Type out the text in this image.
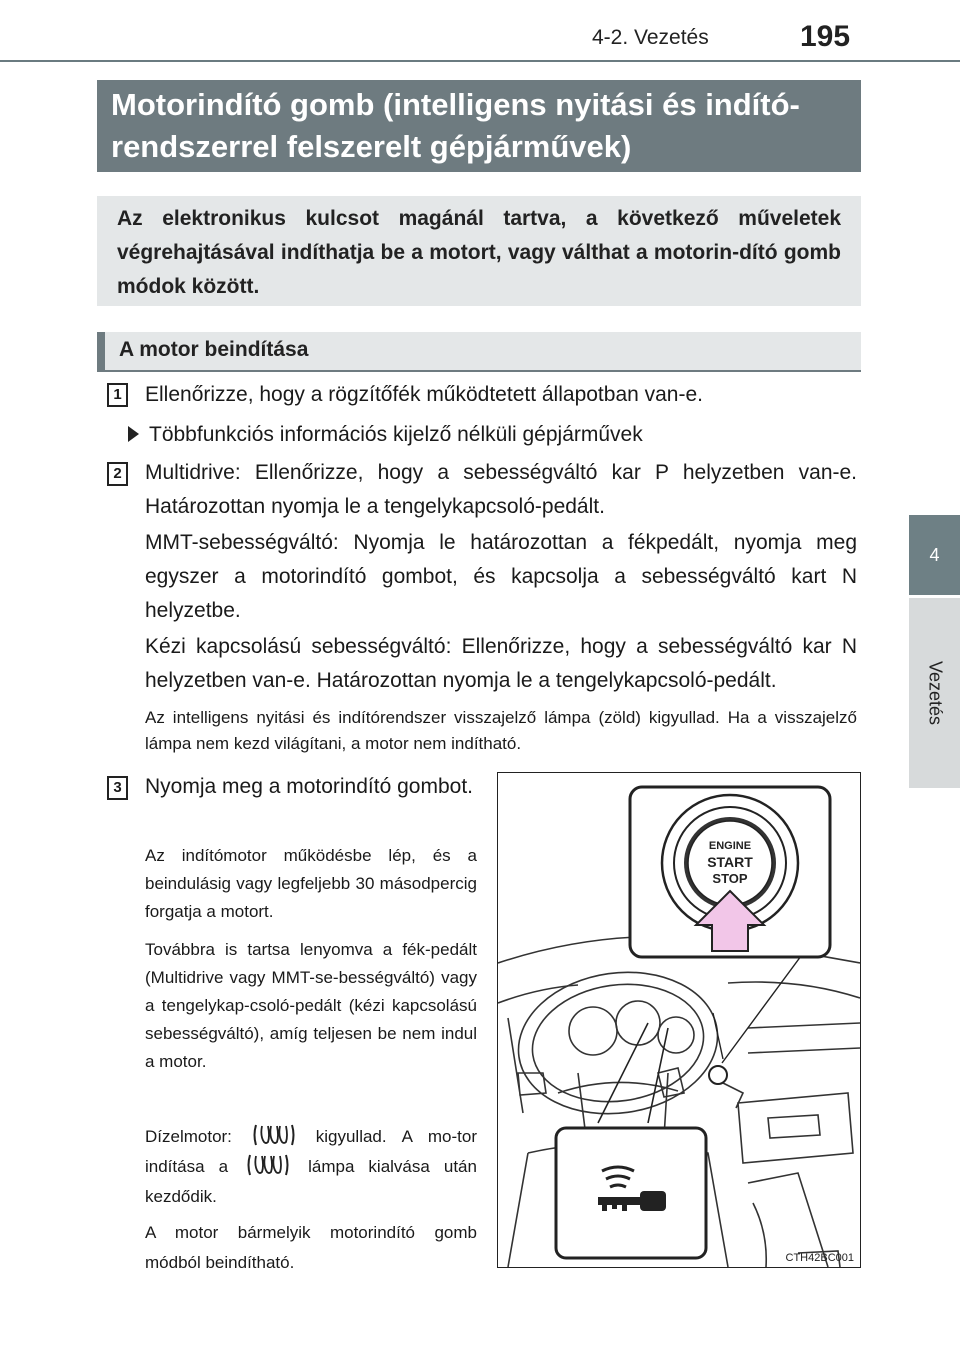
4-2. Vezetés	195
4
Vezetés
Motorindító gomb (intelligens nyitási és indító-
rendszerrel felszerelt gépjárművek)
Az elektronikus kulcsot magánál tartva, a következő műveletek végrehajtásával indíthatja be a motort, vagy válthat a motorin-dító gomb módok között.
A motor beindítása
1	Ellenőrizze, hogy a rögzítőfék működtetett állapotban van-e.
Többfunkciós információs kijelző nélküli gépjárművek
2	Multidrive: Ellenőrizze, hogy a sebességváltó kar P helyzetben van-e. Határozottan nyomja le a tengelykapcsoló-pedált.
MMT-sebességváltó: Nyomja le határozottan a fékpedált, nyomja meg egyszer a motorindító gombot, és kapcsolja a sebességváltó kart N helyzetbe.
Kézi kapcsolású sebességváltó: Ellenőrizze, hogy a sebességváltó kar N helyzetben van-e. Határozottan nyomja le a tengelykapcsoló-pedált.
Az intelligens nyitási és indítórendszer visszajelző lámpa (zöld) kigyullad. Ha a visszajelző lámpa nem kezd világítani, a motor nem indítható.
3	Nyomja meg a motorindító gombot.
Az indítómotor működésbe lép, és a beindulásig vagy legfeljebb 30 másodpercig forgatja a motort.
Továbbra is tartsa lenyomva a fék-pedált (Multidrive vagy MMT-se-bességváltó) vagy a tengelykap-csoló-pedált (kézi kapcsolású sebességváltó), amíg teljesen be nem indul a motor.
Dízelmotor:	kigyullad. A mo-tor indítása a	lámpa kialvása után kezdődik.
A motor bármelyik motorindító gomb módból beindítható.
ENGINE
START
STOP
CTH42BC001
